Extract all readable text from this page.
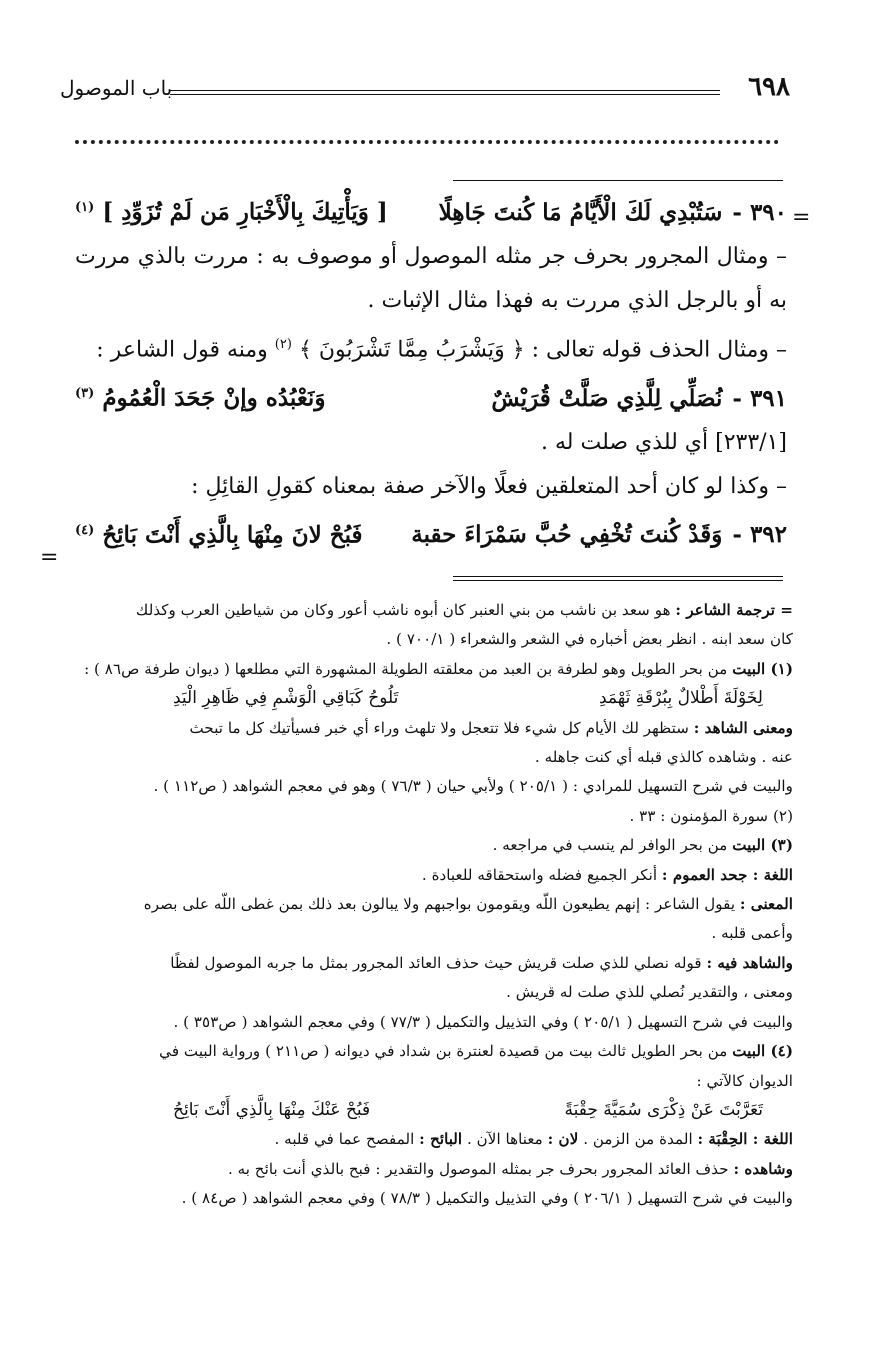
٦٩٨
باب الموصول
=
=
٣٩٠ -سَتُبْدِي لَكَ الْأَيَّامُ مَا كُنتَ جَاهِلًا
[ وَيَأْتِيكَ بِالْأَخْبَارِ مَن لَمْ تُزَوِّدِ ] $^{(١)}$

– ومثال المجرور بحرف جر مثله الموصول أو موصوف به : مررت بالذي مررت به أو بالرجل الذي مررت به فهذا مثال الإثبات .

– ومثال الحذف قوله تعالى : ﴿ وَيَشْرَبُ مِمَّا تَشْرَبُونَ ﴾ $^{(٢)}$ ومنه قول الشاعر :

٣٩١ -نُصَلِّي لِلَّذِي صَلَّتْ قُرَيْشٌ
وَنَعْبُدُه وإنْ جَحَدَ الْعُمُومُ $^{(٣)}$

[٢٣٣/١] أي للذي صلت له .

– وكذا لو كان أحد المتعلقين فعلًا والآخر صفة بمعناه كقولِ القائِلِ :

٣٩٢ -وَقَدْ كُنتَ تُخْفِي حُبَّ سَمْرَاءَ حقبة
فَبُحْ لانَ مِنْهَا بِالَّذِي أَنْتَ بَائِحُ $^{(٤)}$

= ترجمة الشاعر : هو سعد بن ناشب من بني العنبر كان أبوه ناشب أعور وكان من شياطين العرب وكذلك

كان سعد ابنه . انظر بعض أخباره في الشعر والشعراء ( ٧٠٠/١ ) .

(١) البيت من بحر الطويل وهو لطرفة بن العبد من معلقته الطويلة المشهورة التي مطلعها ( ديوان طرفة ص٨٦ ) :

لِخَوْلَةَ أَطْلالٌ بِبُرْقَةِ ثَهْمَدِ
تَلُوحُ كَبَاقِي الْوَشْمِ فِي ظَاهِرِ الْيَدِ

ومعنى الشاهد : ستظهر لك الأيام كل شيء فلا تتعجل ولا تلهث وراء أي خبر فسيأتيك كل ما تبحث

عنه . وشاهده كالذي قبله أي كنت جاهله .

والبيت في شرح التسهيل للمرادي : ( ٢٠٥/١ ) ولأبي حيان ( ٧٦/٣ ) وهو في معجم الشواهد ( ص١١٢ ) .

(٢) سورة المؤمنون : ٣٣ .

(٣) البيت من بحر الوافر لم ينسب في مراجعه .

اللغة : جحد العموم : أنكر الجميع فضله واستحقاقه للعبادة .

المعنى : يقول الشاعر : إنهم يطيعون اللّه ويقومون بواجبهم ولا يبالون بعد ذلك بمن غطى اللّه على بصره

وأعمى قلبه .

والشاهد فيه : قوله نصلي للذي صلت قريش حيث حذف العائد المجرور بمثل ما جربه الموصول لفظًا

ومعنى ، والتقدير نُصلي للذي صلت له قريش .

والبيت في شرح التسهيل ( ٢٠٥/١ ) وفي التذييل والتكميل ( ٧٧/٣ ) وفي معجم الشواهد ( ص٣٥٣ ) .

(٤) البيت من بحر الطويل ثالث بيت من قصيدة لعنترة بن شداد في ديوانه ( ص٢١١ ) ورواية البيت في

الديوان كالآتي :

تَعَرَّبْتَ عَنْ ذِكْرَى سُمَيَّةَ حِقْبَةً
فَبُحْ عَنْكَ مِنْهَا بِالَّذِي أَنْتَ بَائِحُ

اللغة : الحِقْبَة : المدة من الزمن . لان : معناها الآن . البائح : المفصح عما في قلبه .

وشاهده : حذف العائد المجرور بحرف جر بمثله الموصول والتقدير : فبح بالذي أنت بائح به .

والبيت في شرح التسهيل ( ٢٠٦/١ ) وفي التذييل والتكميل ( ٧٨/٣ ) وفي معجم الشواهد ( ص٨٤ ) .
